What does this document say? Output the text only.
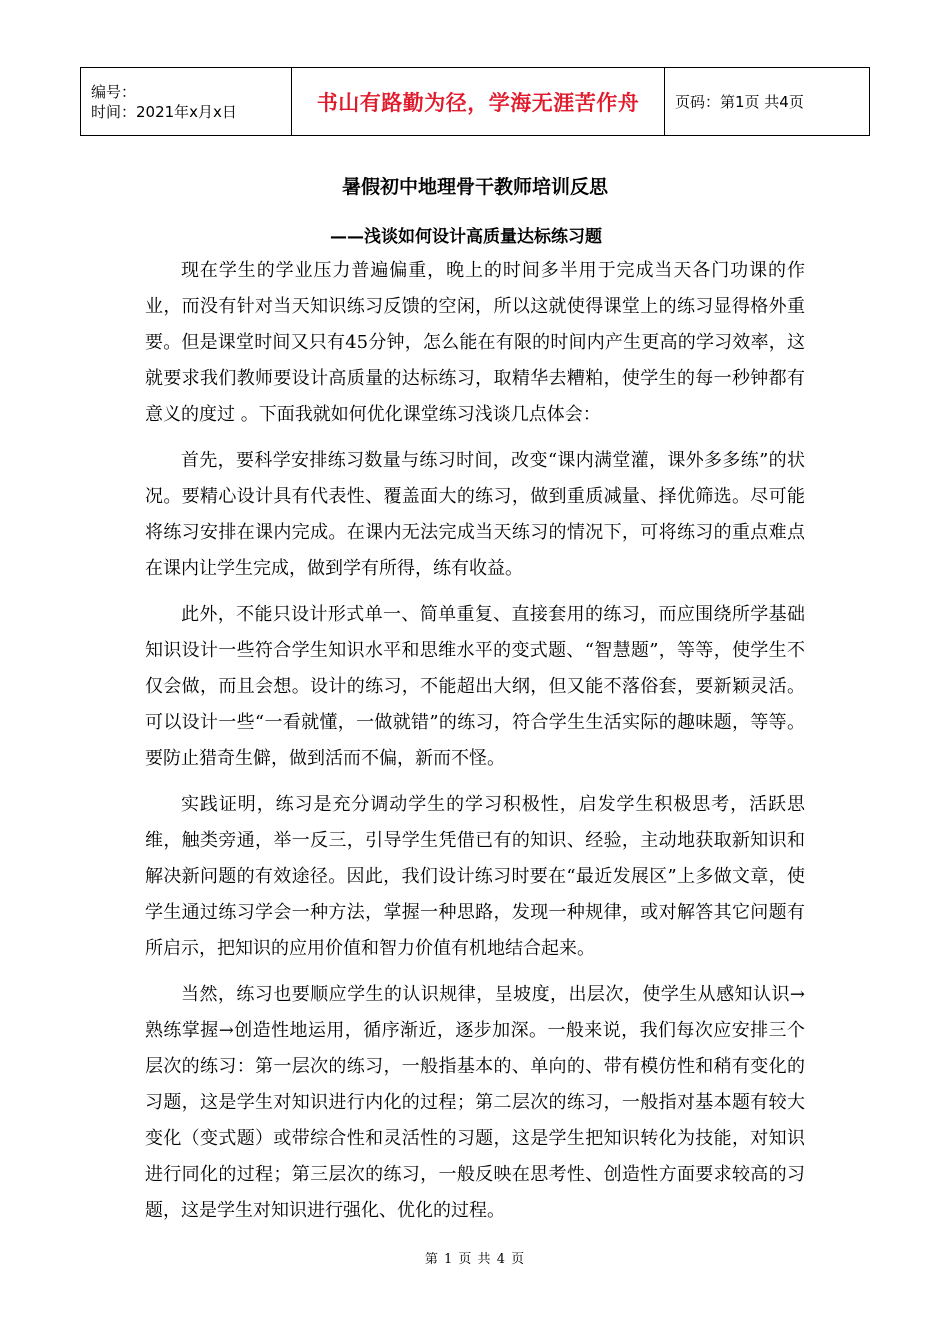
编号：
时间：2021年x月x日	书山有路勤为径，学海无涯苦作舟	页码：第1页 共4页
暑假初中地理骨干教师培训反思
——浅谈如何设计高质量达标练习题

现在学生的学业压力普遍偏重，晚上的时间多半用于完成当天各门功课的作业，而没有针对当天知识练习反馈的空闲，所以这就使得课堂上的练习显得格外重要。但是课堂时间又只有45分钟，怎么能在有限的时间内产生更高的学习效率，这就要求我们教师要设计高质量的达标练习，取精华去糟粕，使学生的每一秒钟都有意义的度过 。下面我就如何优化课堂练习浅谈几点体会：

首先，要科学安排练习数量与练习时间，改变“课内满堂灌，课外多多练”的状况。要精心设计具有代表性、覆盖面大的练习，做到重质减量、择优筛选。尽可能将练习安排在课内完成。在课内无法完成当天练习的情况下，可将练习的重点难点在课内让学生完成，做到学有所得，练有收益。

此外，不能只设计形式单一、简单重复、直接套用的练习，而应围绕所学基础知识设计一些符合学生知识水平和思维水平的变式题、“智慧题”，等等，使学生不仅会做，而且会想。设计的练习，不能超出大纲，但又能不落俗套，要新颖灵活。可以设计一些“一看就懂，一做就错”的练习，符合学生生活实际的趣味题，等等。要防止猎奇生僻，做到活而不偏，新而不怪。

实践证明，练习是充分调动学生的学习积极性，启发学生积极思考，活跃思维，触类旁通，举一反三，引导学生凭借已有的知识、经验，主动地获取新知识和解决新问题的有效途径。因此，我们设计练习时要在“最近发展区”上多做文章，使学生通过练习学会一种方法，掌握一种思路，发现一种规律，或对解答其它问题有所启示，把知识的应用价值和智力价值有机地结合起来。

当然，练习也要顺应学生的认识规律，呈坡度，出层次，使学生从感知认识→熟练掌握→创造性地运用，循序渐近，逐步加深。一般来说，我们每次应安排三个层次的练习：第一层次的练习，一般指基本的、单向的、带有模仿性和稍有变化的习题，这是学生对知识进行内化的过程；第二层次的练习，一般指对基本题有较大变化（变式题）或带综合性和灵活性的习题，这是学生把知识转化为技能，对知识进行同化的过程；第三层次的练习，一般反映在思考性、创造性方面要求较高的习题，这是学生对知识进行强化、优化的过程。

第 1 页 共 4 页
